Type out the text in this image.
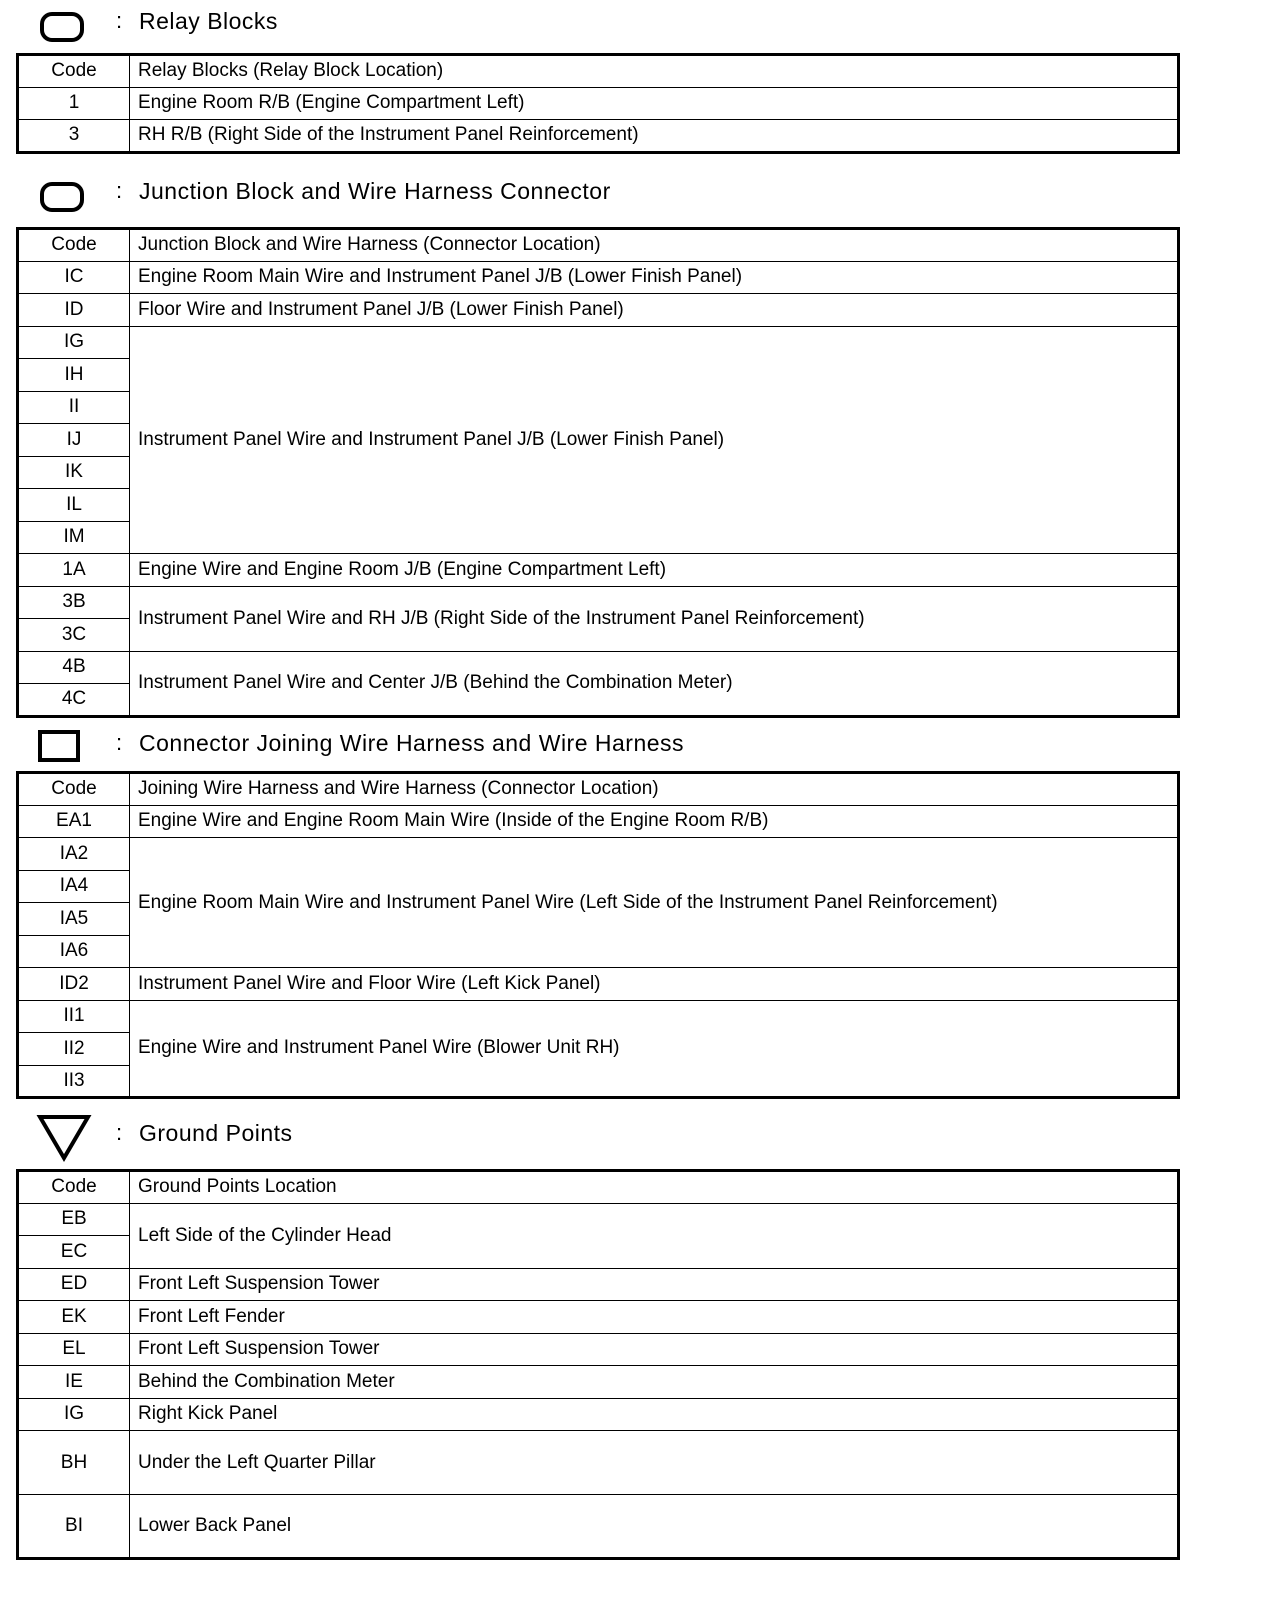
: Relay Blocks
Code	Relay Blocks (Relay Block Location)
1	Engine Room R/B (Engine Compartment Left)
3	RH R/B (Right Side of the Instrument Panel Reinforcement)
: Junction Block and Wire Harness Connector
Code	Junction Block and Wire Harness (Connector Location)
IC	Engine Room Main Wire and Instrument Panel J/B (Lower Finish Panel)
ID	Floor Wire and Instrument Panel J/B (Lower Finish Panel)
IG	Instrument Panel Wire and Instrument Panel J/B (Lower Finish Panel)
IH	
II	
IJ	
IK	
IL	
IM	
1A	Engine Wire and Engine Room J/B (Engine Compartment Left)
3B	Instrument Panel Wire and RH J/B (Right Side of the Instrument Panel Reinforcement)
3C	
4B	Instrument Panel Wire and Center J/B (Behind the Combination Meter)
4C	
: Connector Joining Wire Harness and Wire Harness
Code	Joining Wire Harness and Wire Harness (Connector Location)
EA1	Engine Wire and Engine Room Main Wire (Inside of the Engine Room R/B)
IA2	Engine Room Main Wire and Instrument Panel Wire (Left Side of the Instrument Panel Reinforcement)
IA4	
IA5	
IA6	
ID2	Instrument Panel Wire and Floor Wire (Left Kick Panel)
II1	Engine Wire and Instrument Panel Wire (Blower Unit RH)
II2	
II3	
: Ground Points
Code	Ground Points Location
EB	Left Side of the Cylinder Head
EC	
ED	Front Left Suspension Tower
EK	Front Left Fender
EL	Front Left Suspension Tower
IE	Behind the Combination Meter
IG	Right Kick Panel
BH	Under the Left Quarter Pillar
BI	Lower Back Panel
